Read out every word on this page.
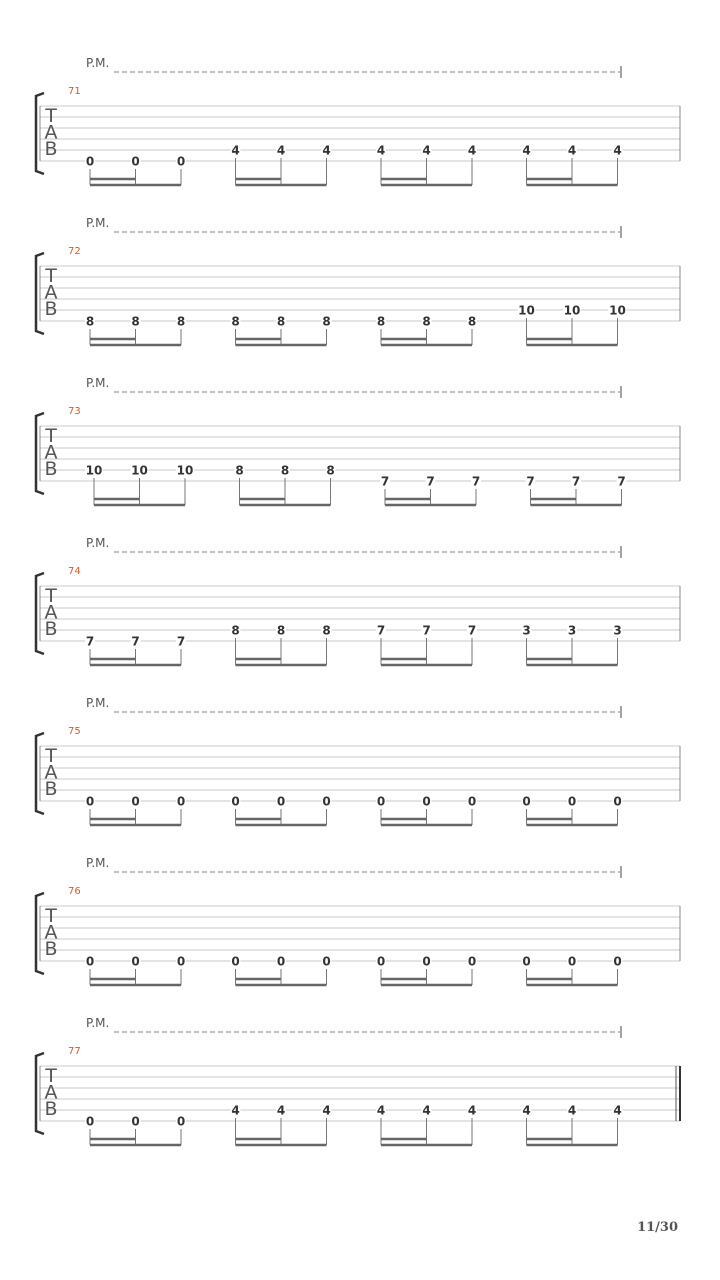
P.M.
71
T
A
B
0	0	0
4	4	4	4	4	4	4	4	4
P.M.
72
T
A
B
8	8	8	8	8	8	8	8	8
10 10 10
P.M.
73
T
A
B 10 10 10	8	8	8
7	7	7	7	7	7
P.M.
74
T
A
B
7	7	7
8	8	8	7	7	7	3	3	3
P.M.
75
T
A
B
0	0	0	0	0	0	0	0	0	0	0	0
P.M.
76
T
A
B
0	0	0	0	0	0	0	0	0	0	0	0
P.M.
77
T
A
B
0	0	0
4	4	4	4	4	4	4	4	4
11/30
